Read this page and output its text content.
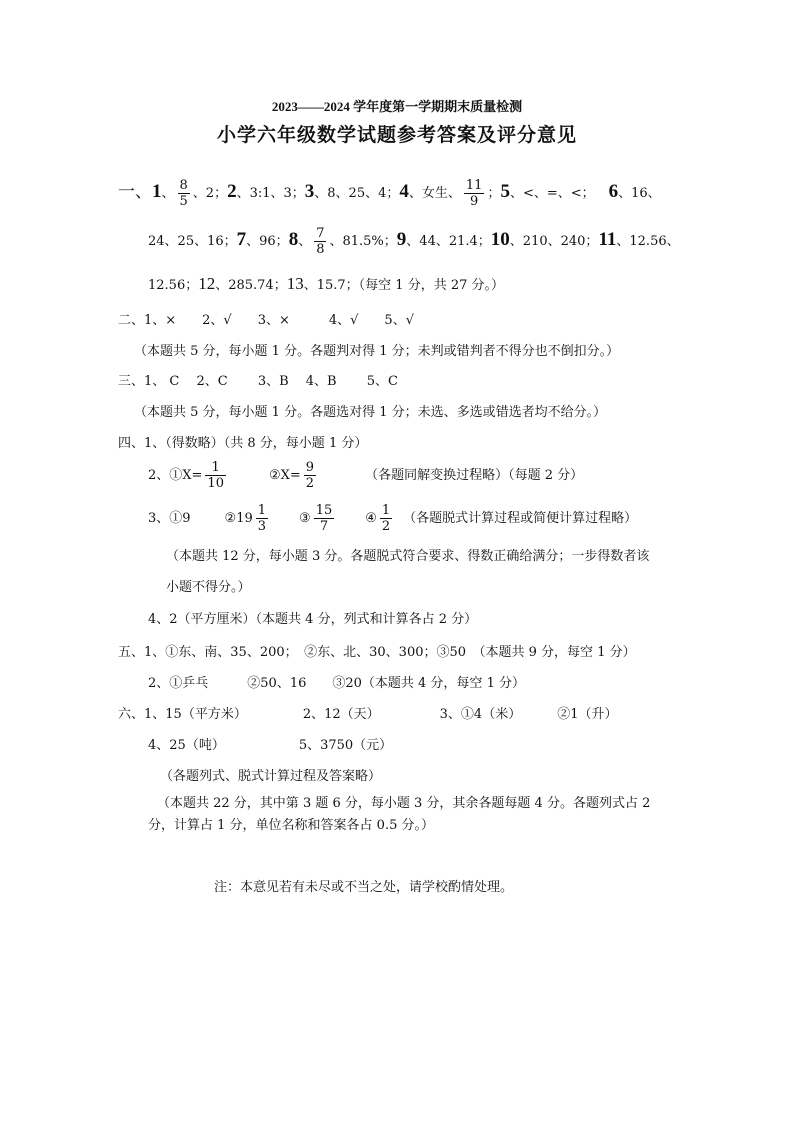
2023——2024 学年度第一学期期末质量检测
小学六年级数学试题参考答案及评分意见
一、1、 $\frac{8}{5}$ 、2；2、3:1、3；3、8、25、4；4、女生、 $\frac{11}{9}$ ；5、<、=、<； 6、16、
24、25、16；7、96；8、 $\frac{7}{8}$ 、81.5%；9、44、21.4；10、210、240；11、12.56、
12.56；12、285.74；13、15.7；（每空 1 分，共 27 分。）
二、1、×　　2、√　　3、×　　　4、√　　5、√
（本题共 5 分，每小题 1 分。各题判对得 1 分；未判或错判者不得分也不倒扣分。）
三、1、 C　 2、C　　 3、B　 4、B　　 5、C
（本题共 5 分，每小题 1 分。各题选对得 1 分；未选、多选或错选者均不给分。）
四、1、（得数略）（共 8 分，每小题 1 分）
2、①X= $\frac{1}{10}$	②X= $\frac{9}{2}$	（各题同解变换过程略）（每题 2 分）
3、①9	②19 $\frac{1}{3}$ ③ $\frac{15}{7}$ ④ $\frac{1}{2}$ （各题脱式计算过程或简便计算过程略）
（本题共 12 分，每小题 3 分。各题脱式符合要求、得数正确给满分；一步得数者该
小题不得分。）
4、2（平方厘米）（本题共 4 分，列式和计算各占 2 分）
五、1、①东、南、35、200；　②东、北、30、300；③50　（本题共 9 分，每空 1 分）
2、①乒乓　　　②50、16　　③20（本题共 4 分，每空 1 分）
六、1、15（平方米）	2、12（天）	3、①4（米）	②1（升）
4、25（吨）	5、3750（元）
（各题列式、脱式计算过程及答案略）
（本题共 22 分，其中第 3 题 6 分，每小题 3 分，其余各题每题 4 分。各题列式占 2
分，计算占 1 分，单位名称和答案各占 0.5 分。）
注：本意见若有未尽或不当之处，请学校酌情处理。
